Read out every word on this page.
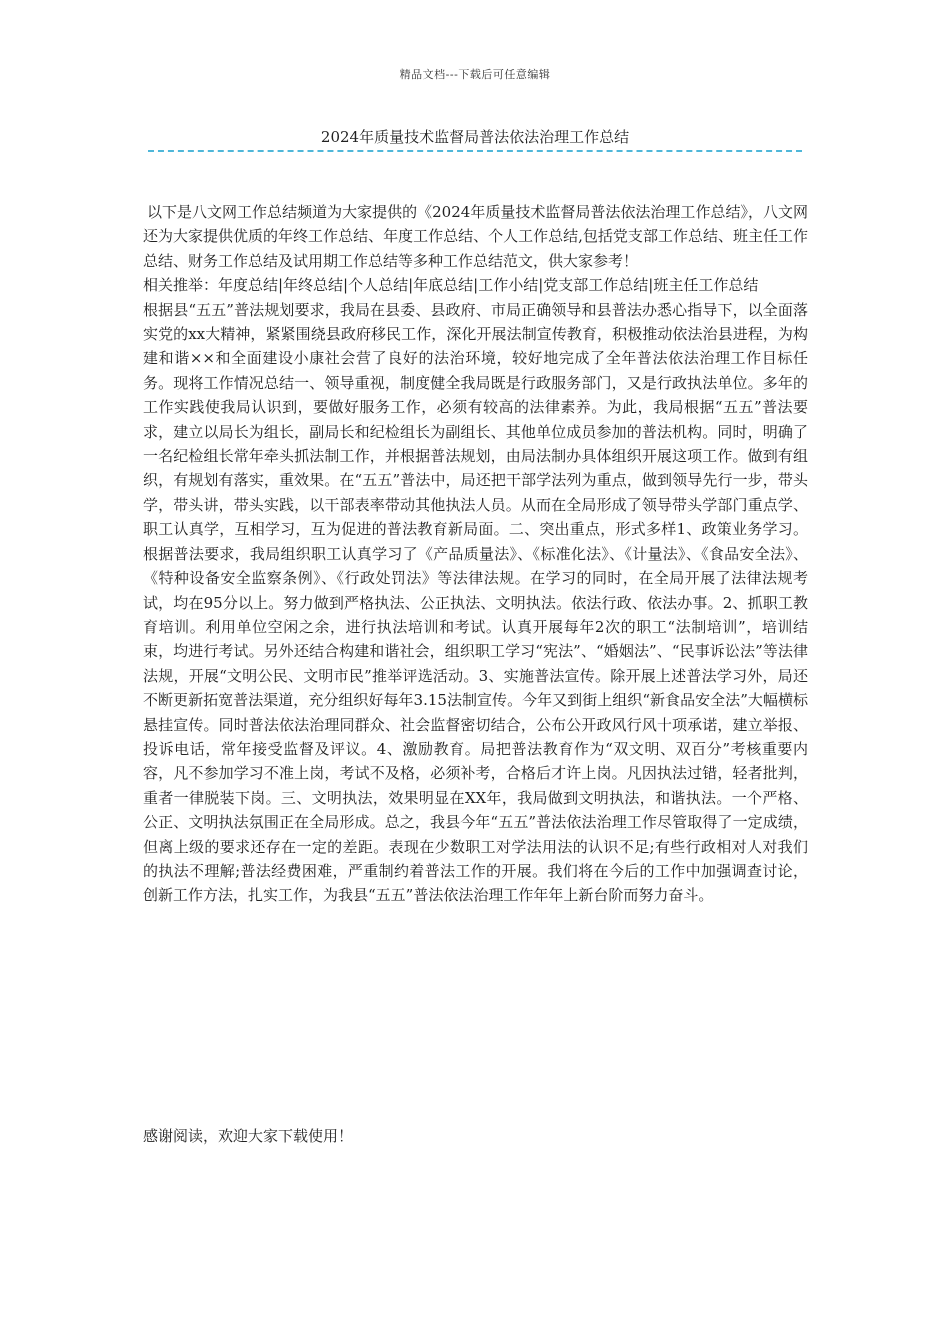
精品文档---下载后可任意编辑
2024年质量技术监督局普法依法治理工作总结

以下是八文网工作总结频道为大家提供的《2024年质量技术监督局普法依法治理工作总结》，八文网还为大家提供优质的年终工作总结、年度工作总结、个人工作总结,包括党支部工作总结、班主任工作总结、财务工作总结及试用期工作总结等多种工作总结范文，供大家参考！

相关推举：年度总结|年终总结|个人总结|年底总结|工作小结|党支部工作总结|班主任工作总结

根据县“五五”普法规划要求，我局在县委、县政府、市局正确领导和县普法办悉心指导下，以全面落实党的xx大精神，紧紧围绕县政府移民工作，深化开展法制宣传教育，积极推动依法治县进程，为构建和谐××和全面建设小康社会营了良好的法治环境，较好地完成了全年普法依法治理工作目标任务。现将工作情况总结一、领导重视，制度健全我局既是行政服务部门，又是行政执法单位。多年的工作实践使我局认识到，要做好服务工作，必须有较高的法律素养。为此，我局根据“五五”普法要求，建立以局长为组长，副局长和纪检组长为副组长、其他单位成员参加的普法机构。同时，明确了一名纪检组长常年牵头抓法制工作，并根据普法规划，由局法制办具体组织开展这项工作。做到有组织，有规划有落实，重效果。在“五五”普法中，局还把干部学法列为重点，做到领导先行一步，带头学，带头讲，带头实践，以干部表率带动其他执法人员。从而在全局形成了领导带头学部门重点学、职工认真学，互相学习，互为促进的普法教育新局面。二、突出重点，形式多样1、政策业务学习。根据普法要求，我局组织职工认真学习了《产品质量法》、《标准化法》、《计量法》、《食品安全法》、《特种设备安全监察条例》、《行政处罚法》等法律法规。在学习的同时，在全局开展了法律法规考试，均在95分以上。努力做到严格执法、公正执法、文明执法。依法行政、依法办事。2、抓职工教育培训。利用单位空闲之余，进行执法培训和考试。认真开展每年2次的职工“法制培训”，培训结束，均进行考试。另外还结合构建和谐社会，组织职工学习“宪法”、“婚姻法”、“民事诉讼法”等法律法规，开展“文明公民、文明市民”推举评选活动。3、实施普法宣传。除开展上述普法学习外，局还不断更新拓宽普法渠道，充分组织好每年3.15法制宣传。今年又到街上组织“新食品安全法”大幅横标悬挂宣传。同时普法依法治理同群众、社会监督密切结合，公布公开政风行风十项承诺，建立举报、投诉电话，常年接受监督及评议。4、激励教育。局把普法教育作为“双文明、双百分”考核重要内容，凡不参加学习不准上岗，考试不及格，必须补考，合格后才许上岗。凡因执法过错，轻者批判，重者一律脱装下岗。三、文明执法，效果明显在XX年，我局做到文明执法，和谐执法。一个严格、公正、文明执法氛围正在全局形成。总之，我县今年“五五”普法依法治理工作尽管取得了一定成绩，但离上级的要求还存在一定的差距。表现在少数职工对学法用法的认识不足;有些行政相对人对我们的执法不理解;普法经费困难，严重制约着普法工作的开展。我们将在今后的工作中加强调查讨论，创新工作方法，扎实工作，为我县“五五”普法依法治理工作年年上新台阶而努力奋斗。

感谢阅读，欢迎大家下载使用！
